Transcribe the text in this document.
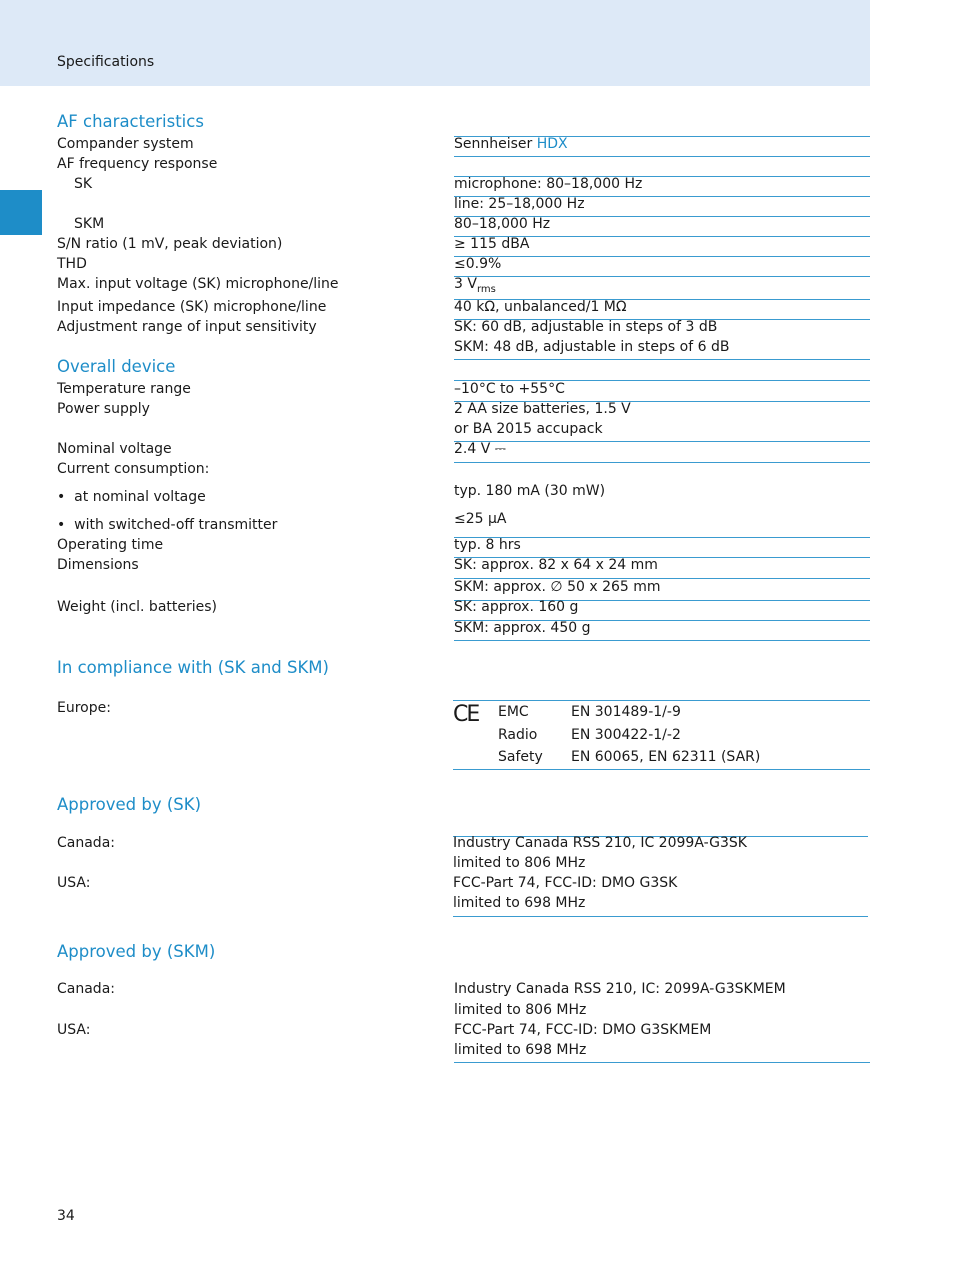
Specifications
AF characteristics
Compander system	Sennheiser HDX
AF frequency response
SK	microphone: 80–18,000 Hz
line: 25–18,000 Hz
SKM	80–18,000 Hz
S/N ratio (1 mV, peak deviation)	≥ 115 dBA
THD	≤0.9%
Max. input voltage (SK) microphone/line	3 $V_{rms}$
Input impedance (SK) microphone/line	40 kΩ, unbalanced/1 MΩ
Adjustment range of input sensitivity	SK: 60 dB, adjustable in steps of 3 dB
SKM: 48 dB, adjustable in steps of 6 dB
Overall device
Temperature range	–10°C to +55°C
Power supply	2 AA size batteries, 1.5 V
or BA 2015 accupack
Nominal voltage	2.4 V ⎓
Current consumption:
•  at nominal voltage	typ. 180 mA (30 mW)
•  with switched-off transmitter	≤25 μA
Operating time	typ. 8 hrs
Dimensions	SK: approx. 82 x 64 x 24 mm
SKM: approx. ∅ 50 x 265 mm
Weight (incl. batteries)	SK: approx. 160 g
SKM: approx. 450 g
In compliance with (SK and SKM)
Europe:	CE EMC	EN 301489-1/-9
Radio EN 300422-1/-2
Safety EN 60065, EN 62311 (SAR)
Approved by (SK)
Canada:	Industry Canada RSS 210, IC 2099A-G3SK
limited to 806 MHz
USA:	FCC-Part 74, FCC-ID: DMO G3SK
limited to 698 MHz
Approved by (SKM)
Canada:	Industry Canada RSS 210, IC: 2099A-G3SKMEM
limited to 806 MHz
USA:	FCC-Part 74, FCC-ID: DMO G3SKMEM
limited to 698 MHz
34
